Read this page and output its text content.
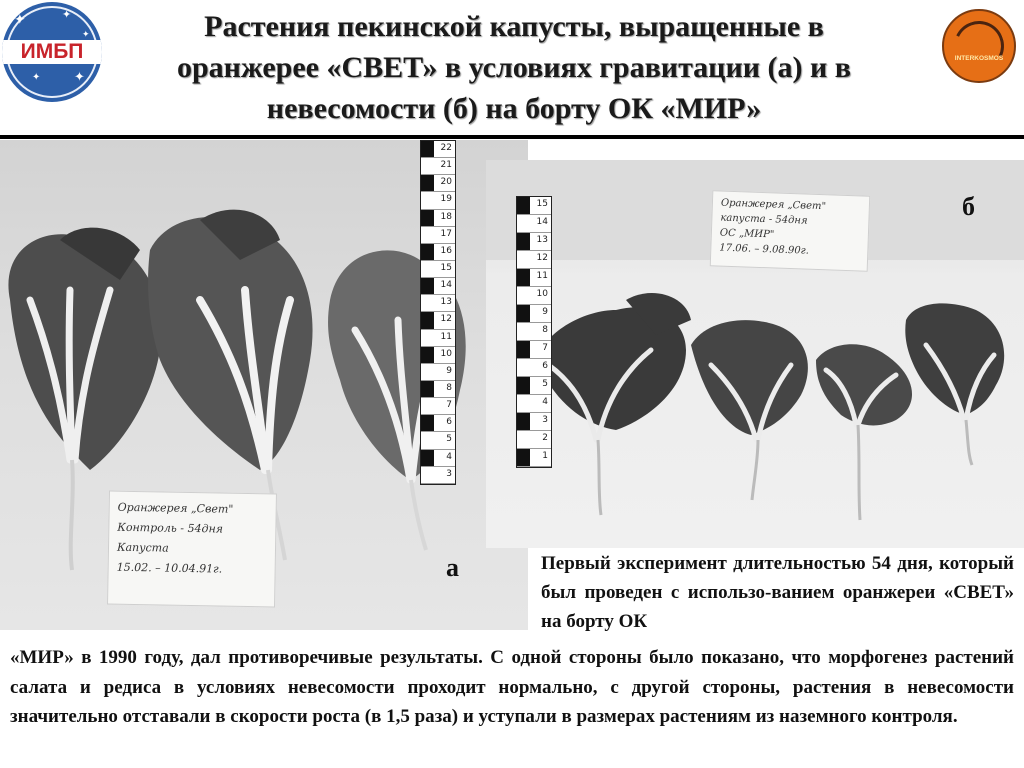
✦	✦
✦
✦	✦
ИМБП
Растения пекинской капусты, выращенные в
оранжерее «СВЕТ» в условиях гравитации (а) и в
невесомости (б) на борту ОК «МИР»
INTERKOSMOS
22
21
20
19
18
17
16
15
14
13
12
11
10
9
8
7
6
5
4
3
Оранжерея „Свет"
Контроль - 54дня
Капуста
15.02. – 10.04.91г.	а
15
14
13
12
11
10
9
8
7
6
5
4
3
2
1
Оранжерея „Свет"
капуста - 54дня
ОС „МИР"
17.06. – 9.08.90г.
б

Первый эксперимент длительностью 54 дня, который был проведен с использо-ванием оранжереи «СВЕТ» на борту ОК

«МИР» в 1990 году, дал противоречивые результаты. С одной стороны было показано, что морфогенез растений салата и редиса в условиях невесомости проходит нормально, с другой стороны, растения в невесомости значительно отставали в скорости роста (в 1,5 раза) и уступали в размерах растениям из наземного контроля.
